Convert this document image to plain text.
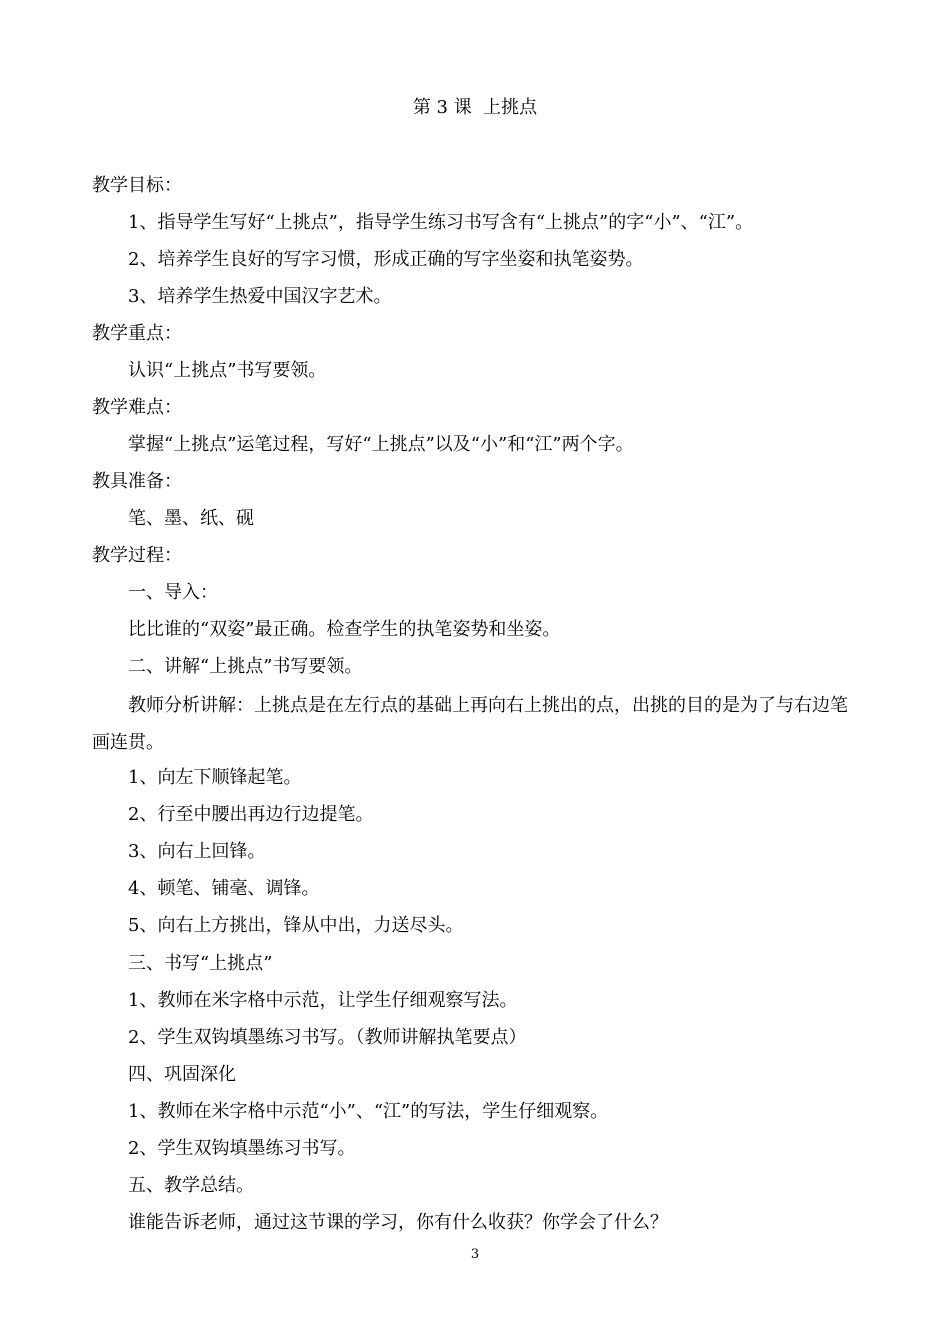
第 3 课  上挑点
教学目标：
1、指导学生写好“上挑点”，指导学生练习书写含有“上挑点”的字“小”、“江”。
2、培养学生良好的写字习惯，形成正确的写字坐姿和执笔姿势。
3、培养学生热爱中国汉字艺术。
教学重点：
认识“上挑点”书写要领。
教学难点：
掌握“上挑点”运笔过程，写好“上挑点”以及“小”和“江”两个字。
教具准备：
笔、墨、纸、砚
教学过程：
一、导入：
比比谁的“双姿”最正确。检查学生的执笔姿势和坐姿。
二、讲解“上挑点”书写要领。
教师分析讲解：上挑点是在左行点的基础上再向右上挑出的点，出挑的目的是为了与右边笔画连贯。
1、向左下顺锋起笔。
2、行至中腰出再边行边提笔。
3、向右上回锋。
4、顿笔、铺毫、调锋。
5、向右上方挑出，锋从中出，力送尽头。
三、书写“上挑点”
1、教师在米字格中示范，让学生仔细观察写法。
2、学生双钩填墨练习书写。（教师讲解执笔要点）
四、巩固深化
1、教师在米字格中示范“小”、“江”的写法，学生仔细观察。
2、学生双钩填墨练习书写。
五、教学总结。
谁能告诉老师，通过这节课的学习，你有什么收获？你学会了什么？
3
